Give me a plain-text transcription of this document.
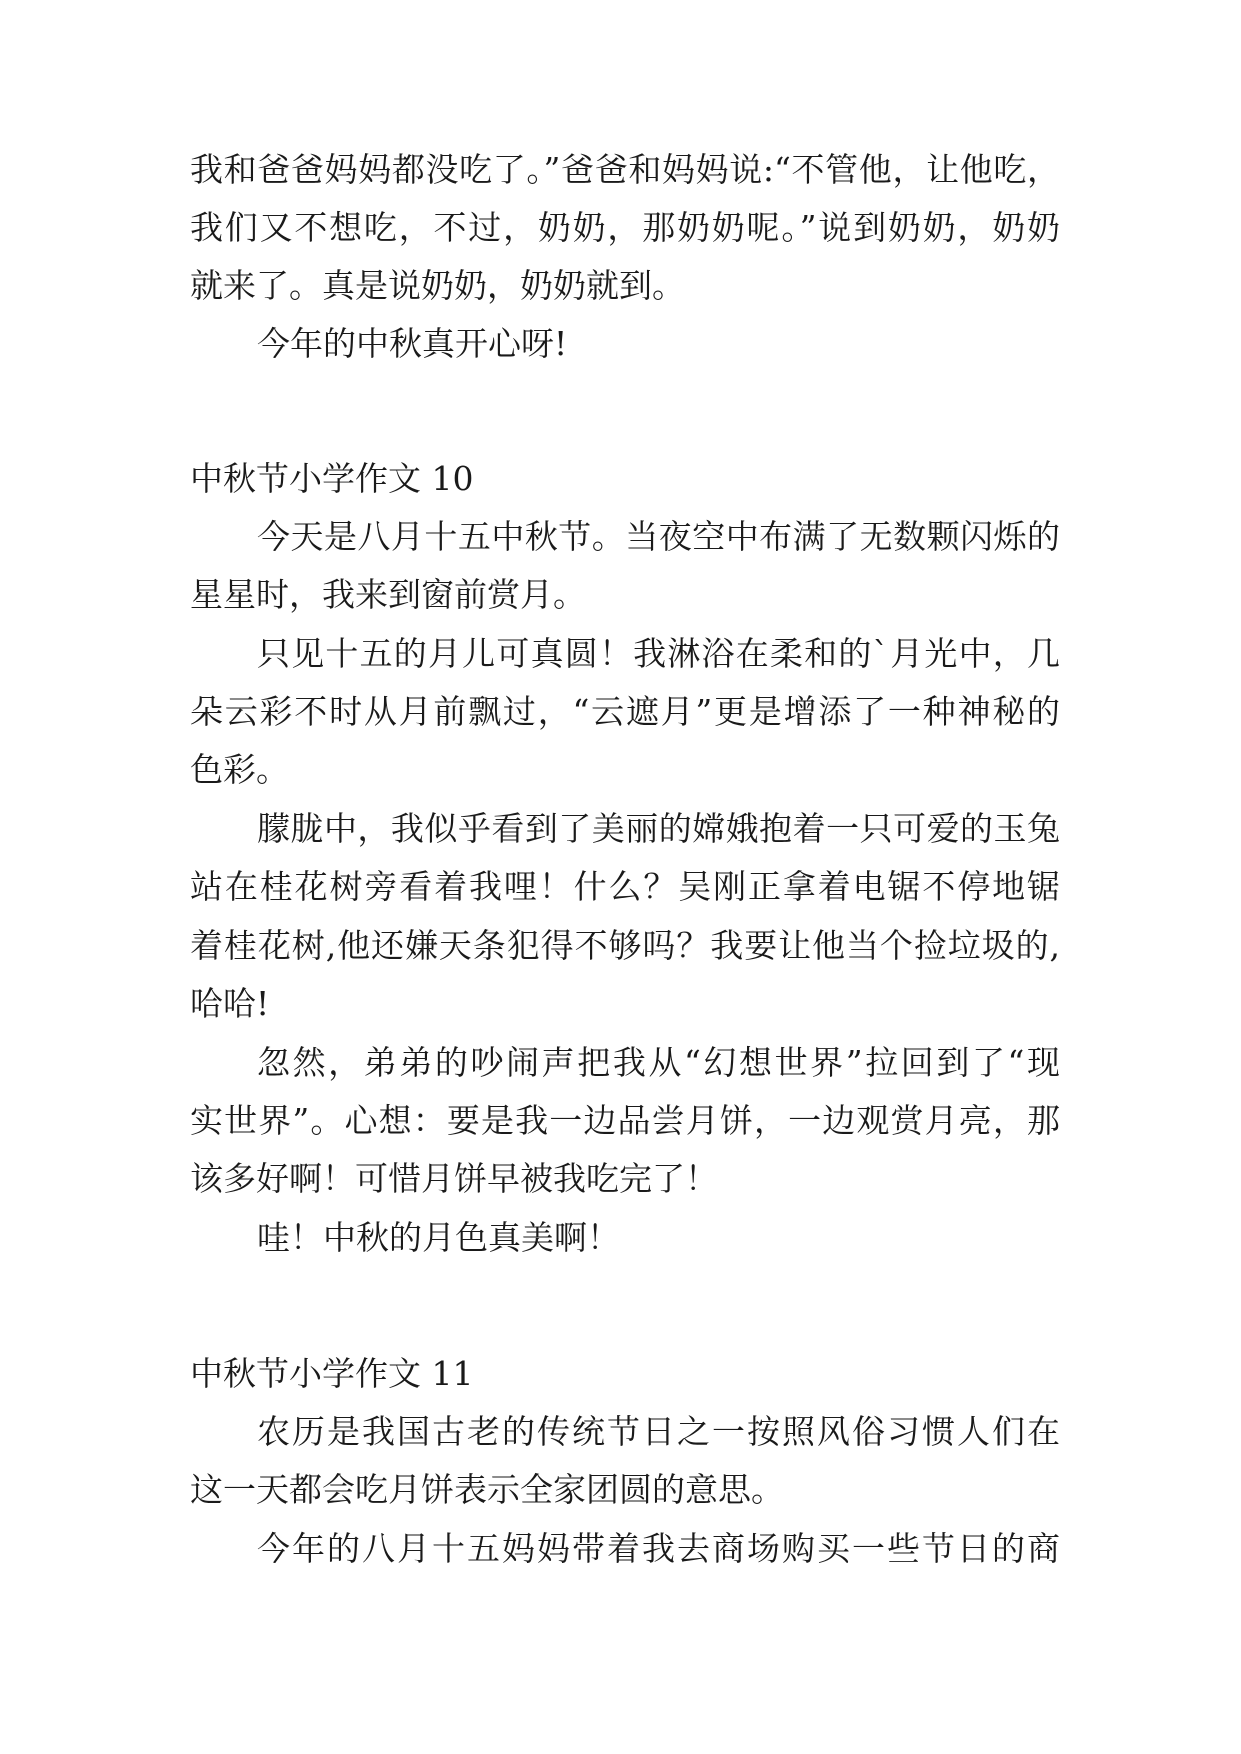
我和爸爸妈妈都没吃了。”爸爸和妈妈说:“不管他，让他吃，
我们又不想吃，不过，奶奶，那奶奶呢。”说到奶奶，奶奶
就来了。真是说奶奶，奶奶就到。
今年的中秋真开心呀!
中秋节小学作文 10
今天是八月十五中秋节。当夜空中布满了无数颗闪烁的
星星时，我来到窗前赏月。
只见十五的月儿可真圆！我淋浴在柔和的`月光中，几
朵云彩不时从月前飘过，“云遮月”更是增添了一种神秘的
色彩。
朦胧中，我似乎看到了美丽的嫦娥抱着一只可爱的玉兔
站在桂花树旁看着我哩！什么？吴刚正拿着电锯不停地锯
着桂花树,他还嫌天条犯得不够吗？我要让他当个捡垃圾的,
哈哈!
忽然，弟弟的吵闹声把我从“幻想世界”拉回到了“现
实世界”。心想：要是我一边品尝月饼，一边观赏月亮，那
该多好啊！可惜月饼早被我吃完了！
哇！中秋的月色真美啊！
中秋节小学作文 11
农历是我国古老的传统节日之一按照风俗习惯人们在
这一天都会吃月饼表示全家团圆的意思。
今年的八月十五妈妈带着我去商场购买一些节日的商
